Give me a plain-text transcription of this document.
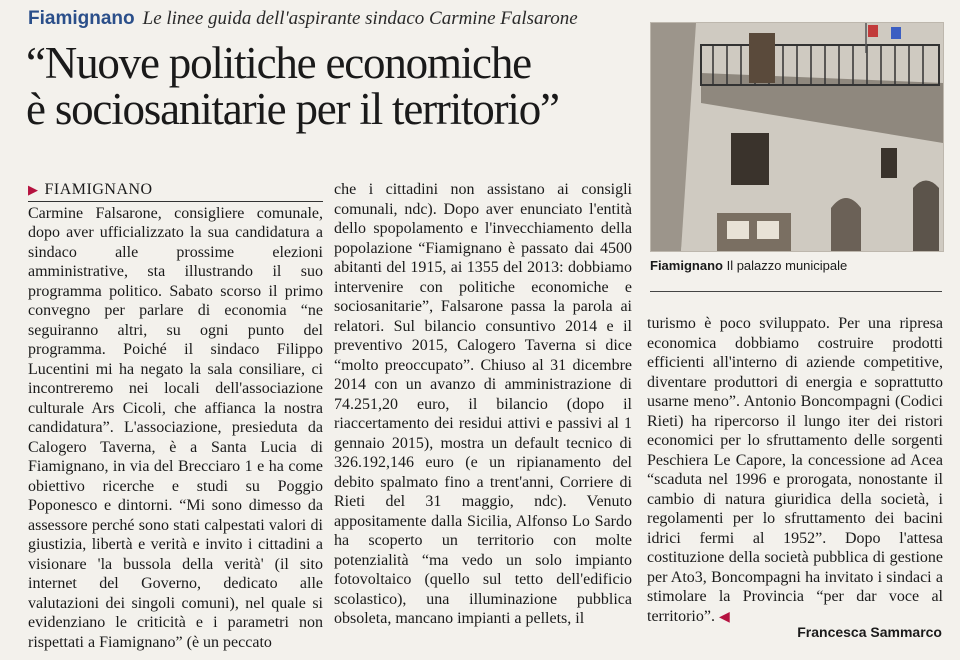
Fiamignano Le linee guida dell'aspirante sindaco Carmine Falsarone
“Nuove politiche economiche
è sociosanitarie per il territorio”
Fiamignano Il palazzo municipale
▶ FIAMIGNANO

Carmine Falsarone, consigliere comunale, dopo aver ufficializzato la sua candidatura a sindaco alle prossime elezioni amministrative, sta illustrando il suo programma politico. Sabato scorso il primo convegno per parlare di economia “ne seguiranno altri, su ogni punto del programma. Poiché il sindaco Filippo Lucentini mi ha negato la sala consiliare, ci incontreremo nei locali dell'associazione culturale Ars Cicoli, che affianca la nostra candidatura”. L'associazione, presieduta da Calogero Taverna, è a Santa Lucia di Fiamignano, in via del Brecciaro 1 e ha come obiettivo ricerche e studi su Poggio Poponesco e dintorni. “Mi sono dimesso da assessore perché sono stati calpestati valori di giustizia, libertà e verità e invito i cittadini a visionare 'la bussola della verità' (il sito internet del Governo, dedicato alle valutazioni dei singoli comuni), nel quale si evidenziano le criticità e i parametri non rispettati a Fiamignano” (è un peccato

che i cittadini non assistano ai consigli comunali, ndc). Dopo aver enunciato l'entità dello spopolamento e l'invecchiamento della popolazione “Fiamignano è passato dai 4500 abitanti del 1915, ai 1355 del 2013: dobbiamo intervenire con politiche economiche e sociosanitarie”, Falsarone passa la parola ai relatori. Sul bilancio consuntivo 2014 e il preventivo 2015, Calogero Taverna si dice “molto preoccupato”. Chiuso al 31 dicembre 2014 con un avanzo di amministrazione di 74.251,20 euro, il bilancio (dopo il riaccertamento dei residui attivi e passivi al 1 gennaio 2015), mostra un default tecnico di 326.192,146 euro (e un ripianamento del debito spalmato fino a trent'anni, Corriere di Rieti del 31 maggio, ndc). Venuto appositamente dalla Sicilia, Alfonso Lo Sardo ha scoperto un territorio con molte potenzialità “ma vedo un solo impianto fotovoltaico (quello sul tetto dell'edificio scolastico), una illuminazione pubblica obsoleta, mancano impianti a pellets, il

turismo è poco sviluppato. Per una ripresa economica dobbiamo costruire prodotti efficienti all'interno di aziende competitive, diventare produttori di energia e soprattutto usarne meno”. Antonio Boncompagni (Codici Rieti) ha ripercorso il lungo iter dei ristori economici per lo sfruttamento delle sorgenti Peschiera Le Capore, la concessione ad Acea “scaduta nel 1996 e prorogata, nonostante il cambio di natura giuridica della società, i regolamenti per lo sfruttamento dei bacini idrici fermi al 1952”. Dopo l'attesa costituzione della società pubblica di gestione per Ato3, Boncompagni ha invitato i sindaci a stimolare la Provincia “per dar voce al territorio”. ◀

Francesca Sammarco
